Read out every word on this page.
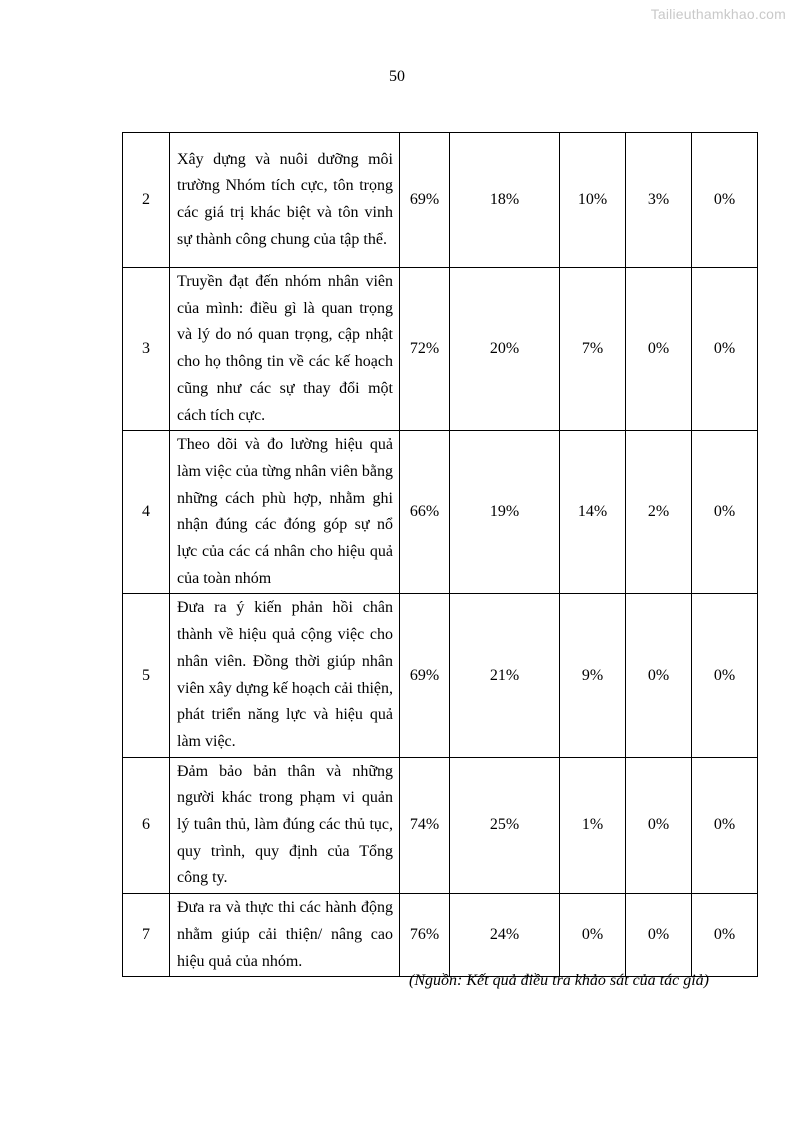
Tailieuthamkhao.com
50
2	Xây dựng và nuôi dưỡng môi trường Nhóm tích cực, tôn trọng các giá trị khác biệt và tôn vinh sự thành công chung của tập thể.	69%	18%	10%	3%	0%
3	Truyền đạt đến nhóm nhân viên của mình: điều gì là quan trọng và lý do nó quan trọng, cập nhật cho họ thông tin về các kế hoạch cũng như các sự thay đổi một cách tích cực.	72%	20%	7%	0%	0%
4	Theo dõi và đo lường hiệu quả làm việc của từng nhân viên bằng những cách phù hợp, nhằm ghi nhận đúng các đóng góp sự nổ lực của các cá nhân cho hiệu quả của toàn nhóm	66%	19%	14%	2%	0%
5	Đưa ra ý kiến phản hồi chân thành về hiệu quả cộng việc cho nhân viên. Đồng thời giúp nhân viên xây dựng kế hoạch cải thiện, phát triển năng lực và hiệu quả làm việc.	69%	21%	9%	0%	0%
6	Đảm bảo bản thân và những người khác trong phạm vi quản lý tuân thủ, làm đúng các thủ tục, quy trình, quy định của Tổng công ty.	74%	25%	1%	0%	0%
7	Đưa ra và thực thi các hành động nhằm giúp cải thiện/ nâng cao hiệu quả của nhóm.	76%	24%	0%	0%	0%
(Nguồn: Kết quả điều tra khảo sát của tác giả)
